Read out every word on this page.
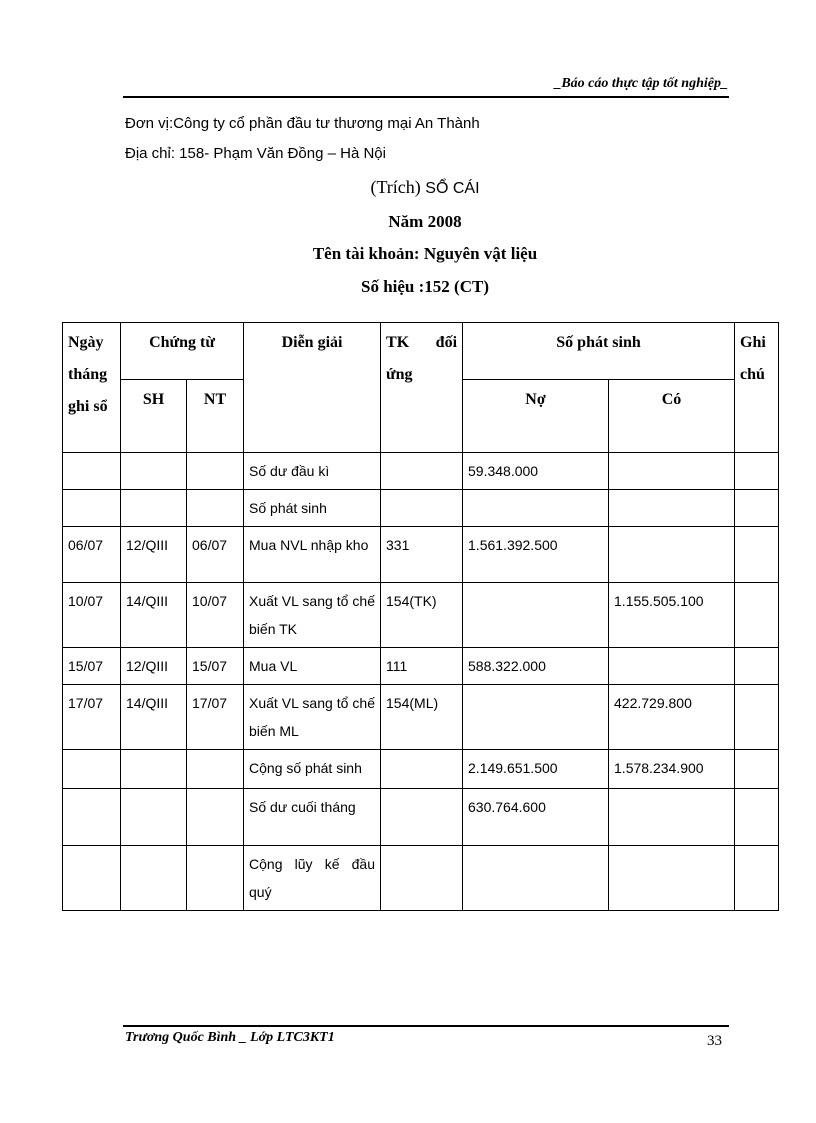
_Báo cáo thực tập tốt nghiệp_
Đơn vị:Công ty cổ phần đầu tư thương mại An Thành
Địa chỉ: 158- Phạm Văn Đồng – Hà Nội
(Trích) SỔ CÁI
Năm 2008
Tên tài khoản: Nguyên vật liệu
Số hiệu :152 (CT)
Ngày tháng ghi sổ	Chứng từ		Diễn giải	TK đối ứng	Số phát sinh		Ghi chú
	SH	NT			Nợ	Có	
			Số dư đầu kì		59.348.000		
			Số phát sinh				
06/07	12/QIII	06/07	Mua NVL nhập kho	331	1.561.392.500		
10/07	14/QIII	10/07	Xuất VL sang tổ chế biến TK	154(TK)		1.155.505.100	
15/07	12/QIII	15/07	Mua VL	111	588.322.000		
17/07	14/QIII	17/07	Xuất VL sang tổ chế biến ML	154(ML)		422.729.800	
			Cộng số phát sinh		2.149.651.500	1.578.234.900	
			Số dư cuối tháng		630.764.600		
			Cộng lũy kế đầu quý				
Trương Quốc Bình _ Lớp LTC3KT1	33
